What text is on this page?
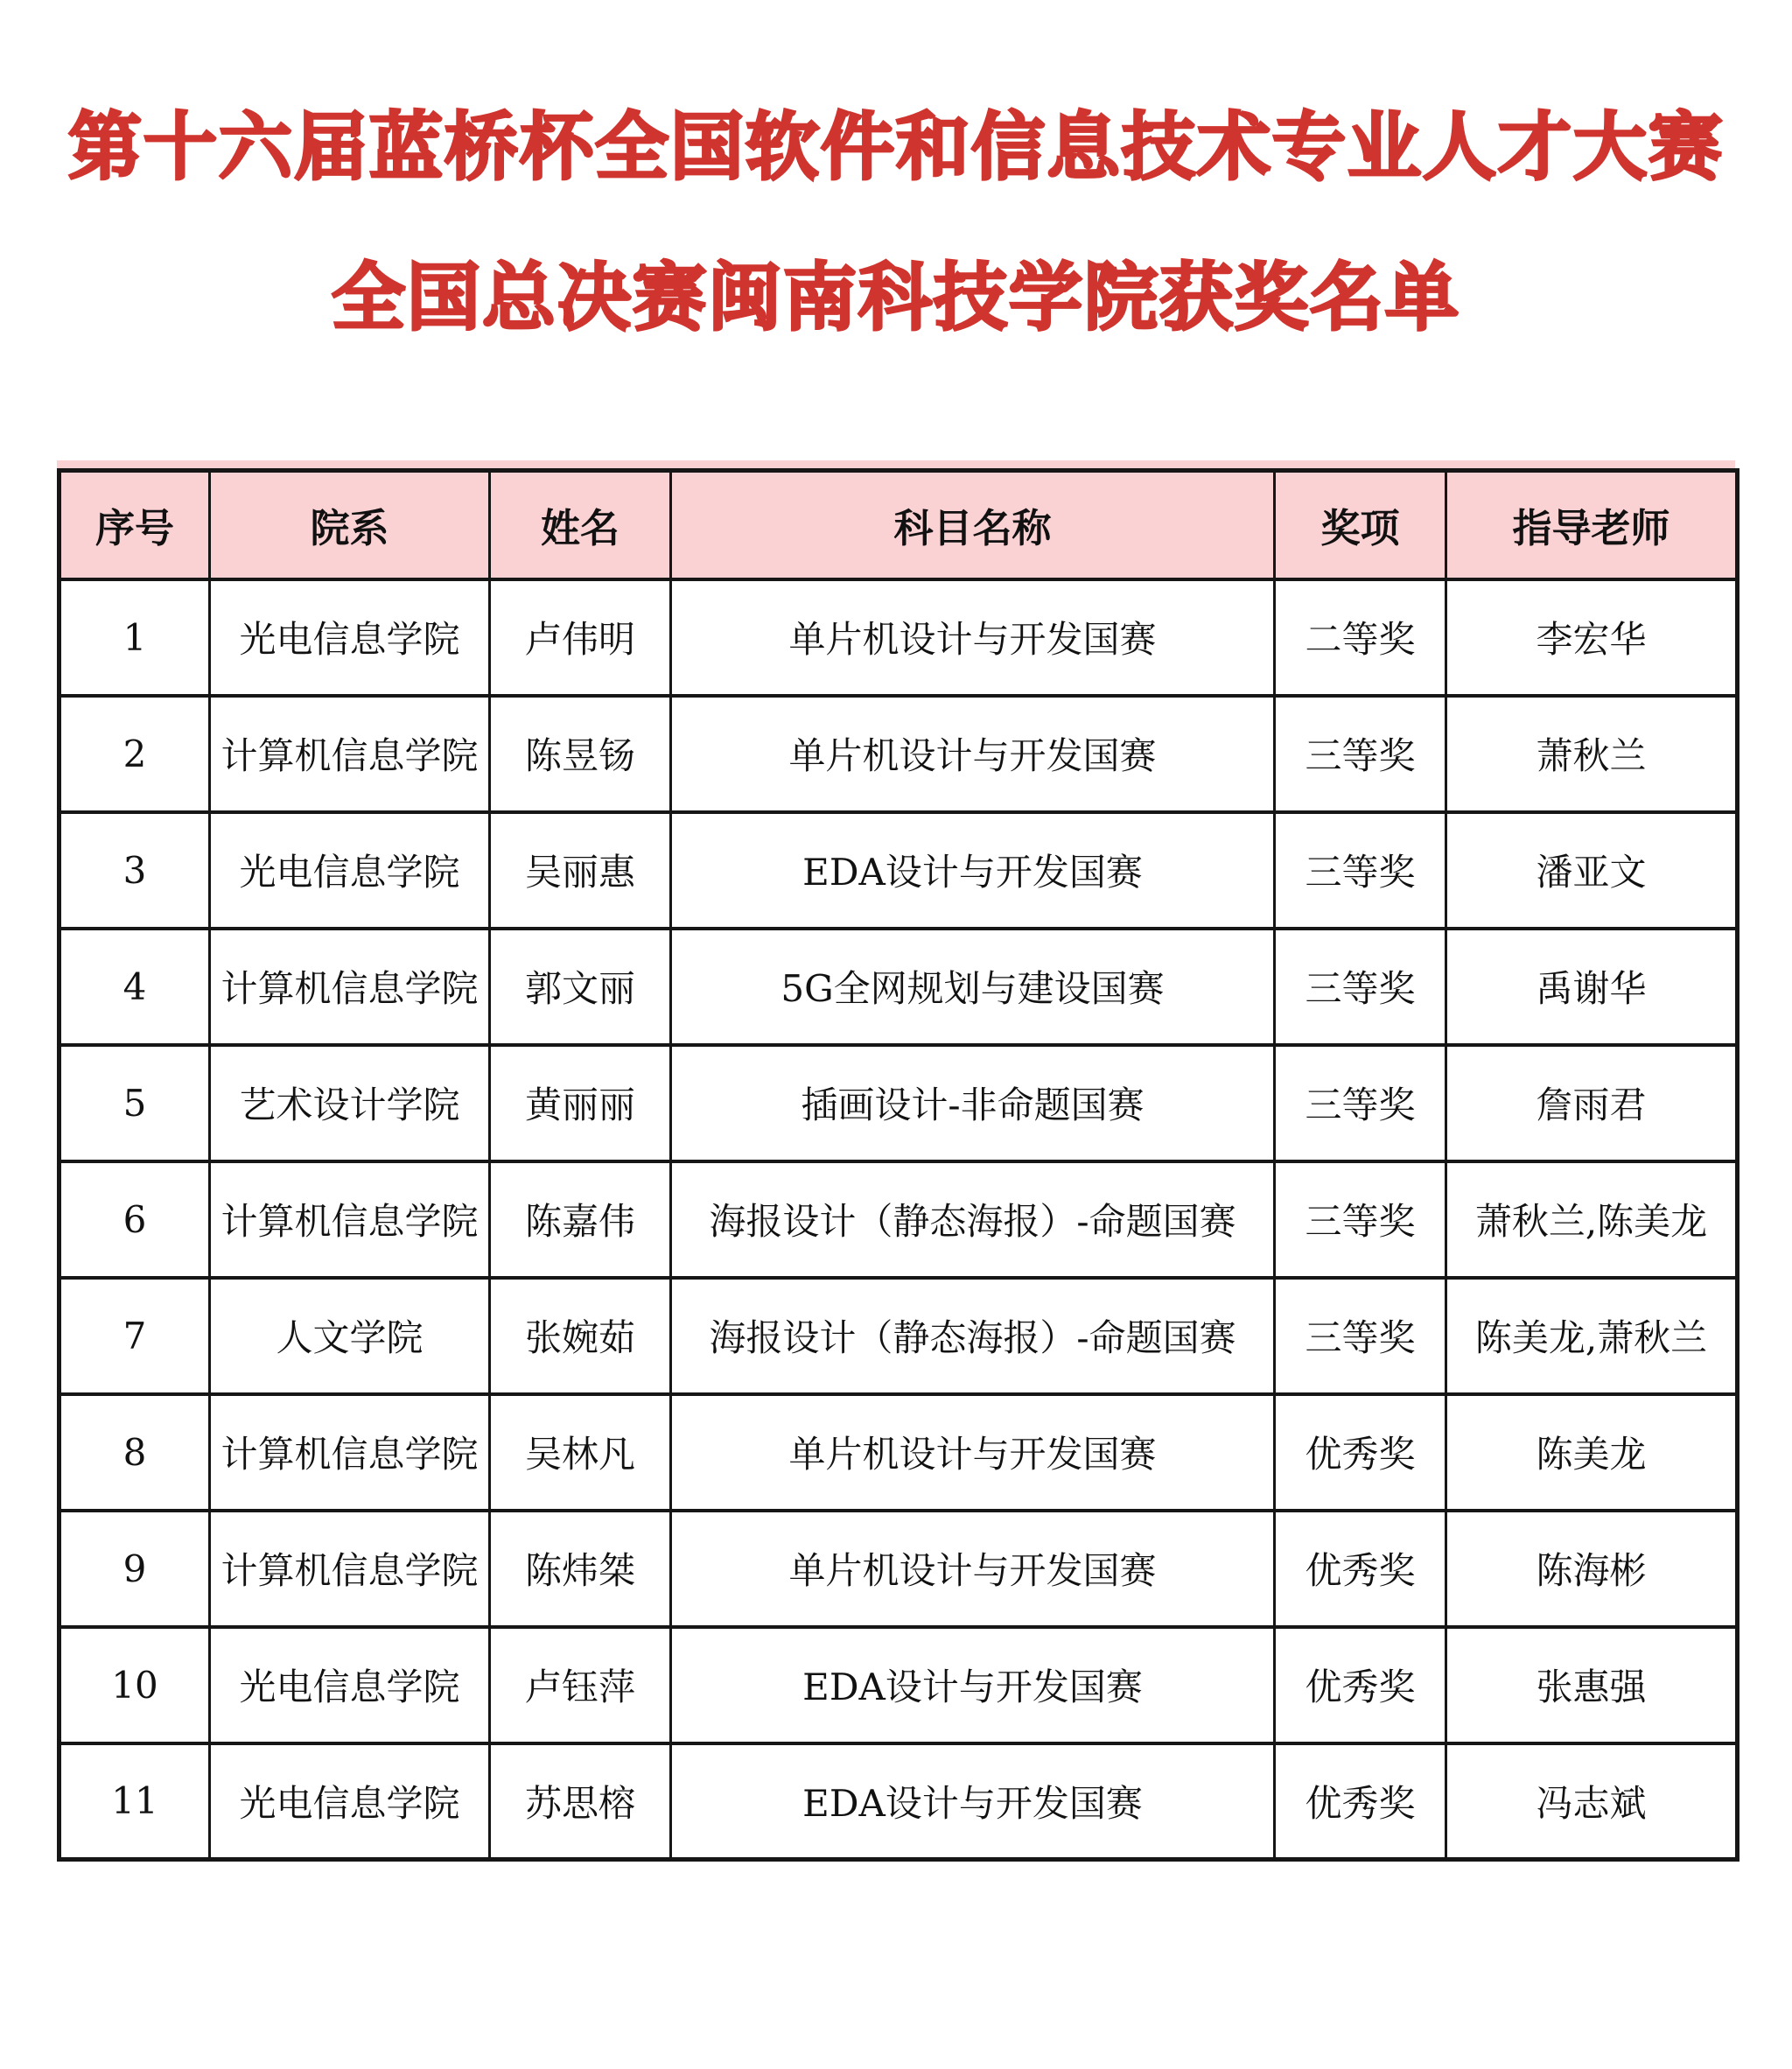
第十六届蓝桥杯全国软件和信息技术专业人才大赛
全国总决赛闽南科技学院获奖名单
序号	院系	姓名	科目名称	奖项	指导老师
1	光电信息学院	卢伟明	单片机设计与开发国赛	二等奖	李宏华
2	计算机信息学院	陈昱钖	单片机设计与开发国赛	三等奖	萧秋兰
3	光电信息学院	吴丽惠	EDA设计与开发国赛	三等奖	潘亚文
4	计算机信息学院	郭文丽	5G全网规划与建设国赛	三等奖	禹谢华
5	艺术设计学院	黄丽丽	插画设计-非命题国赛	三等奖	詹雨君
6	计算机信息学院	陈嘉伟	海报设计（静态海报）-命题国赛	三等奖	萧秋兰,陈美龙
7	人文学院	张婉茹	海报设计（静态海报）-命题国赛	三等奖	陈美龙,萧秋兰
8	计算机信息学院	吴林凡	单片机设计与开发国赛	优秀奖	陈美龙
9	计算机信息学院	陈炜桀	单片机设计与开发国赛	优秀奖	陈海彬
10	光电信息学院	卢钰萍	EDA设计与开发国赛	优秀奖	张惠强
11	光电信息学院	苏思榕	EDA设计与开发国赛	优秀奖	冯志斌
